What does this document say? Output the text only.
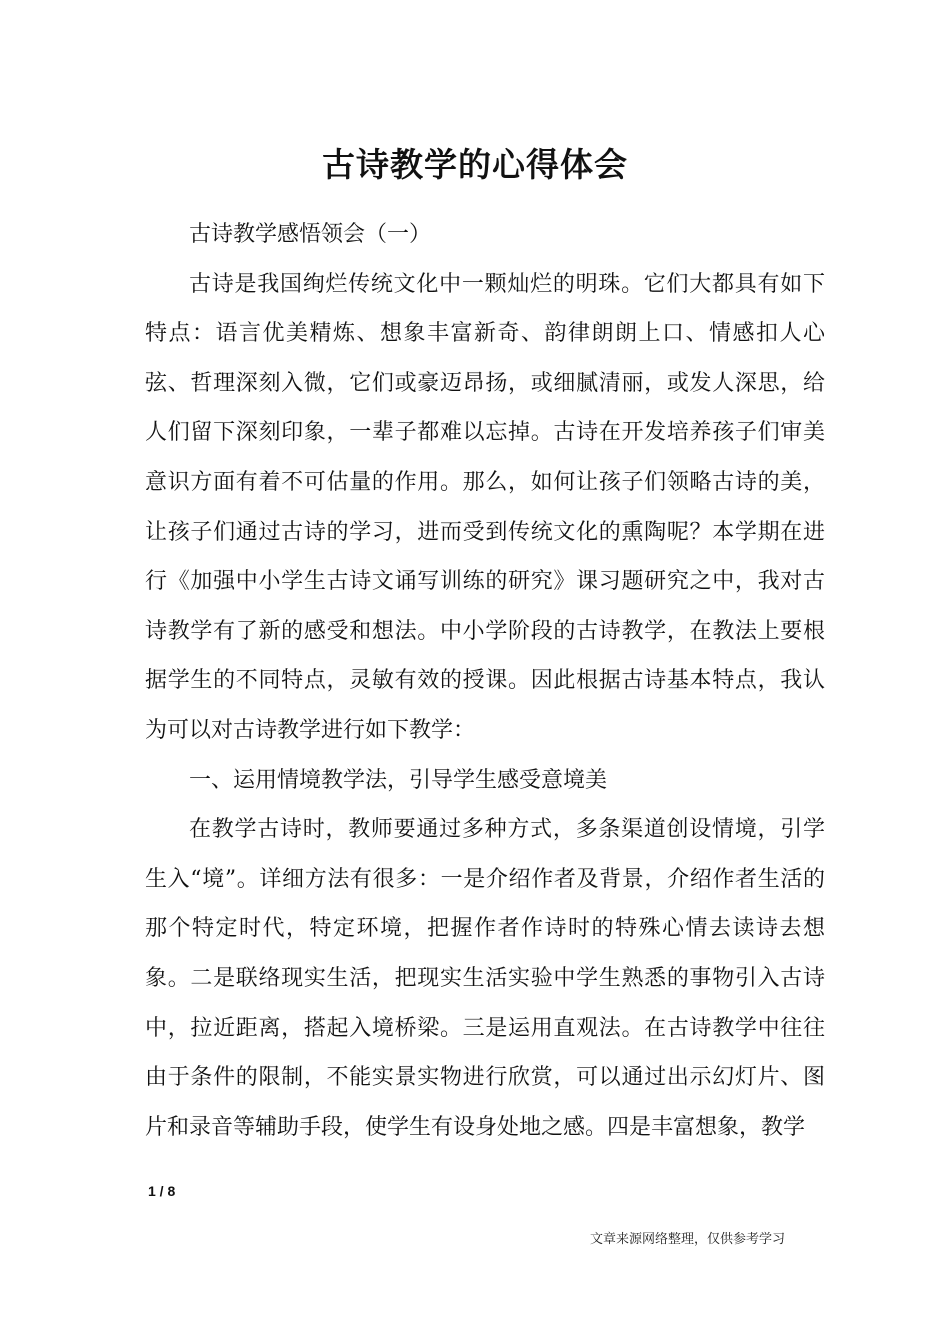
古诗教学的心得体会

古诗教学感悟领会（一）

古诗是我国绚烂传统文化中一颗灿烂的明珠。它们大都具有如下特点：语言优美精炼、想象丰富新奇、韵律朗朗上口、情感扣人心弦、哲理深刻入微，它们或豪迈昂扬，或细腻清丽，或发人深思，给人们留下深刻印象，一辈子都难以忘掉。古诗在开发培养孩子们审美意识方面有着不可估量的作用。那么，如何让孩子们领略古诗的美，让孩子们通过古诗的学习，进而受到传统文化的熏陶呢？本学期在进行《加强中小学生古诗文诵写训练的研究》课习题研究之中，我对古诗教学有了新的感受和想法。中小学阶段的古诗教学，在教法上要根据学生的不同特点，灵敏有效的授课。因此根据古诗基本特点，我认为可以对古诗教学进行如下教学：

一、运用情境教学法，引导学生感受意境美

在教学古诗时，教师要通过多种方式，多条渠道创设情境，引学生入“境”。详细方法有很多：一是介绍作者及背景，介绍作者生活的那个特定时代，特定环境，把握作者作诗时的特殊心情去读诗去想象。二是联络现实生活，把现实生活实验中学生熟悉的事物引入古诗中，拉近距离，搭起入境桥梁。三是运用直观法。在古诗教学中往往由于条件的限制，不能实景实物进行欣赏，可以通过出示幻灯片、图片和录音等辅助手段，使学生有设身处地之感。四是丰富想象，教学

1 / 8
文章来源网络整理，仅供参考学习
